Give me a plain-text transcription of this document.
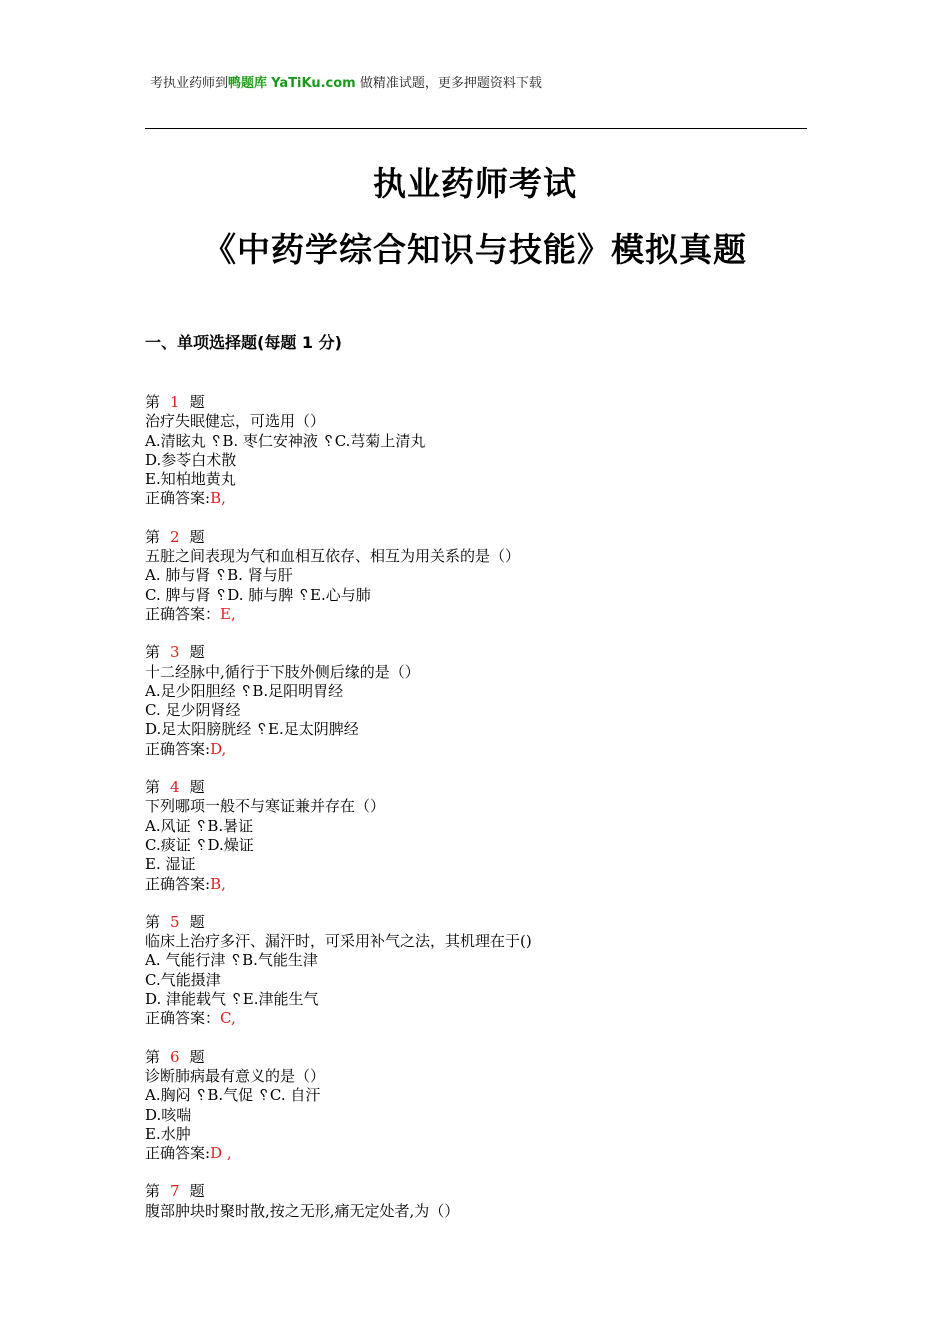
考执业药师到鸭题库 YaTiKu.com 做精准试题，更多押题资料下载
执业药师考试
《中药学综合知识与技能》模拟真题
一、单项选择题(每题 1 分)
第 1 题
治疗失眠健忘，可选用（）
A.清眩丸 ␦B. 枣仁安神液 ␦C.芎菊上清丸
D.参苓白术散
E.知柏地黄丸
正确答案:B,
第 2 题
五脏之间表现为气和血相互依存、相互为用关系的是（）
A. 肺与肾 ␦B. 肾与肝
C. 脾与肾 ␦D. 肺与脾 ␦E.心与肺
正确答案：E,
第 3 题
十二经脉中,循行于下肢外侧后缘的是（）
A.足少阳胆经 ␦B.足阳明胃经
C. 足少阴肾经
D.足太阳膀胱经 ␦E.足太阴脾经
正确答案:D,
第 4 题
下列哪项一般不与寒证兼并存在（）
A.风证 ␦B.暑证
C.痰证 ␦D.燥证
E. 湿证
正确答案:B,
第 5 题
临床上治疗多汗、漏汗时，可采用补气之法，其机理在于()
A. 气能行津 ␦B.气能生津
C.气能摄津
D. 津能载气 ␦E.津能生气
正确答案：C,
第 6 题
诊断肺病最有意义的是（）
A.胸闷 ␦B.气促 ␦C. 自汗
D.咳喘
E.水肿
正确答案:D ,
第 7 题
腹部肿块时聚时散,按之无形,痛无定处者,为（）
